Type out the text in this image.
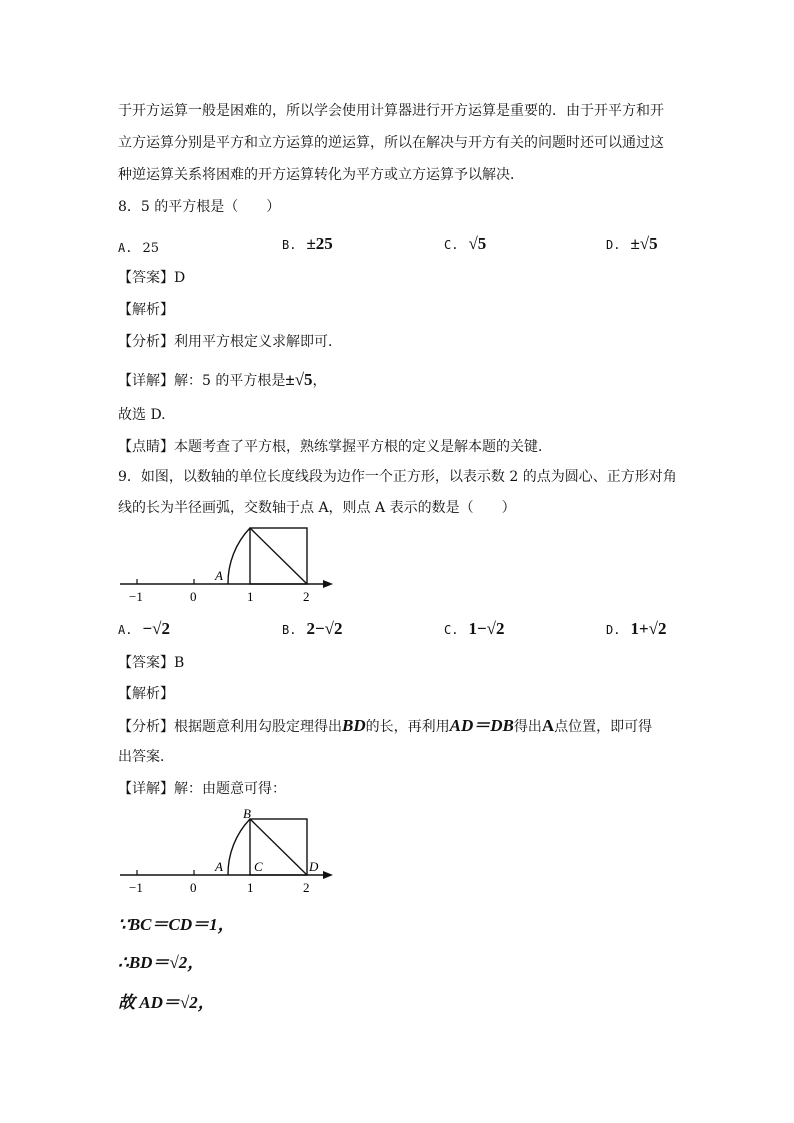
于开方运算一般是困难的，所以学会使用计算器进行开方运算是重要的．由于开平方和开
立方运算分别是平方和立方运算的逆运算，所以在解决与开方有关的问题时还可以通过这
种逆运算关系将困难的开方运算转化为平方或立方运算予以解决．
8．5 的平方根是（　　）
A. 25	B. ±25	C. √5	D. ±√5
【答案】D
【解析】
【分析】利用平方根定义求解即可．
【详解】解：5 的平方根是±√5，
故选 D.
【点睛】本题考查了平方根，熟练掌握平方根的定义是解本题的关键．
9．如图，以数轴的单位长度线段为边作一个正方形，以表示数 2 的点为圆心、正方形对角
线的长为半径画弧，交数轴于点 A，则点 A 表示的数是（　　）
A
−1	0	1	2
A. −√2	B. 2−√2	C. 1−√2	D. 1+√2
【答案】B
【解析】
【分析】根据题意利用勾股定理得出BD的长，再利用AD＝DB得出A点位置，即可得
出答案．
【详解】解：由题意可得：
B
A C	D
−1	0	1	2
∵BC＝CD＝1，
∴BD＝√2，
故 AD＝√2，
